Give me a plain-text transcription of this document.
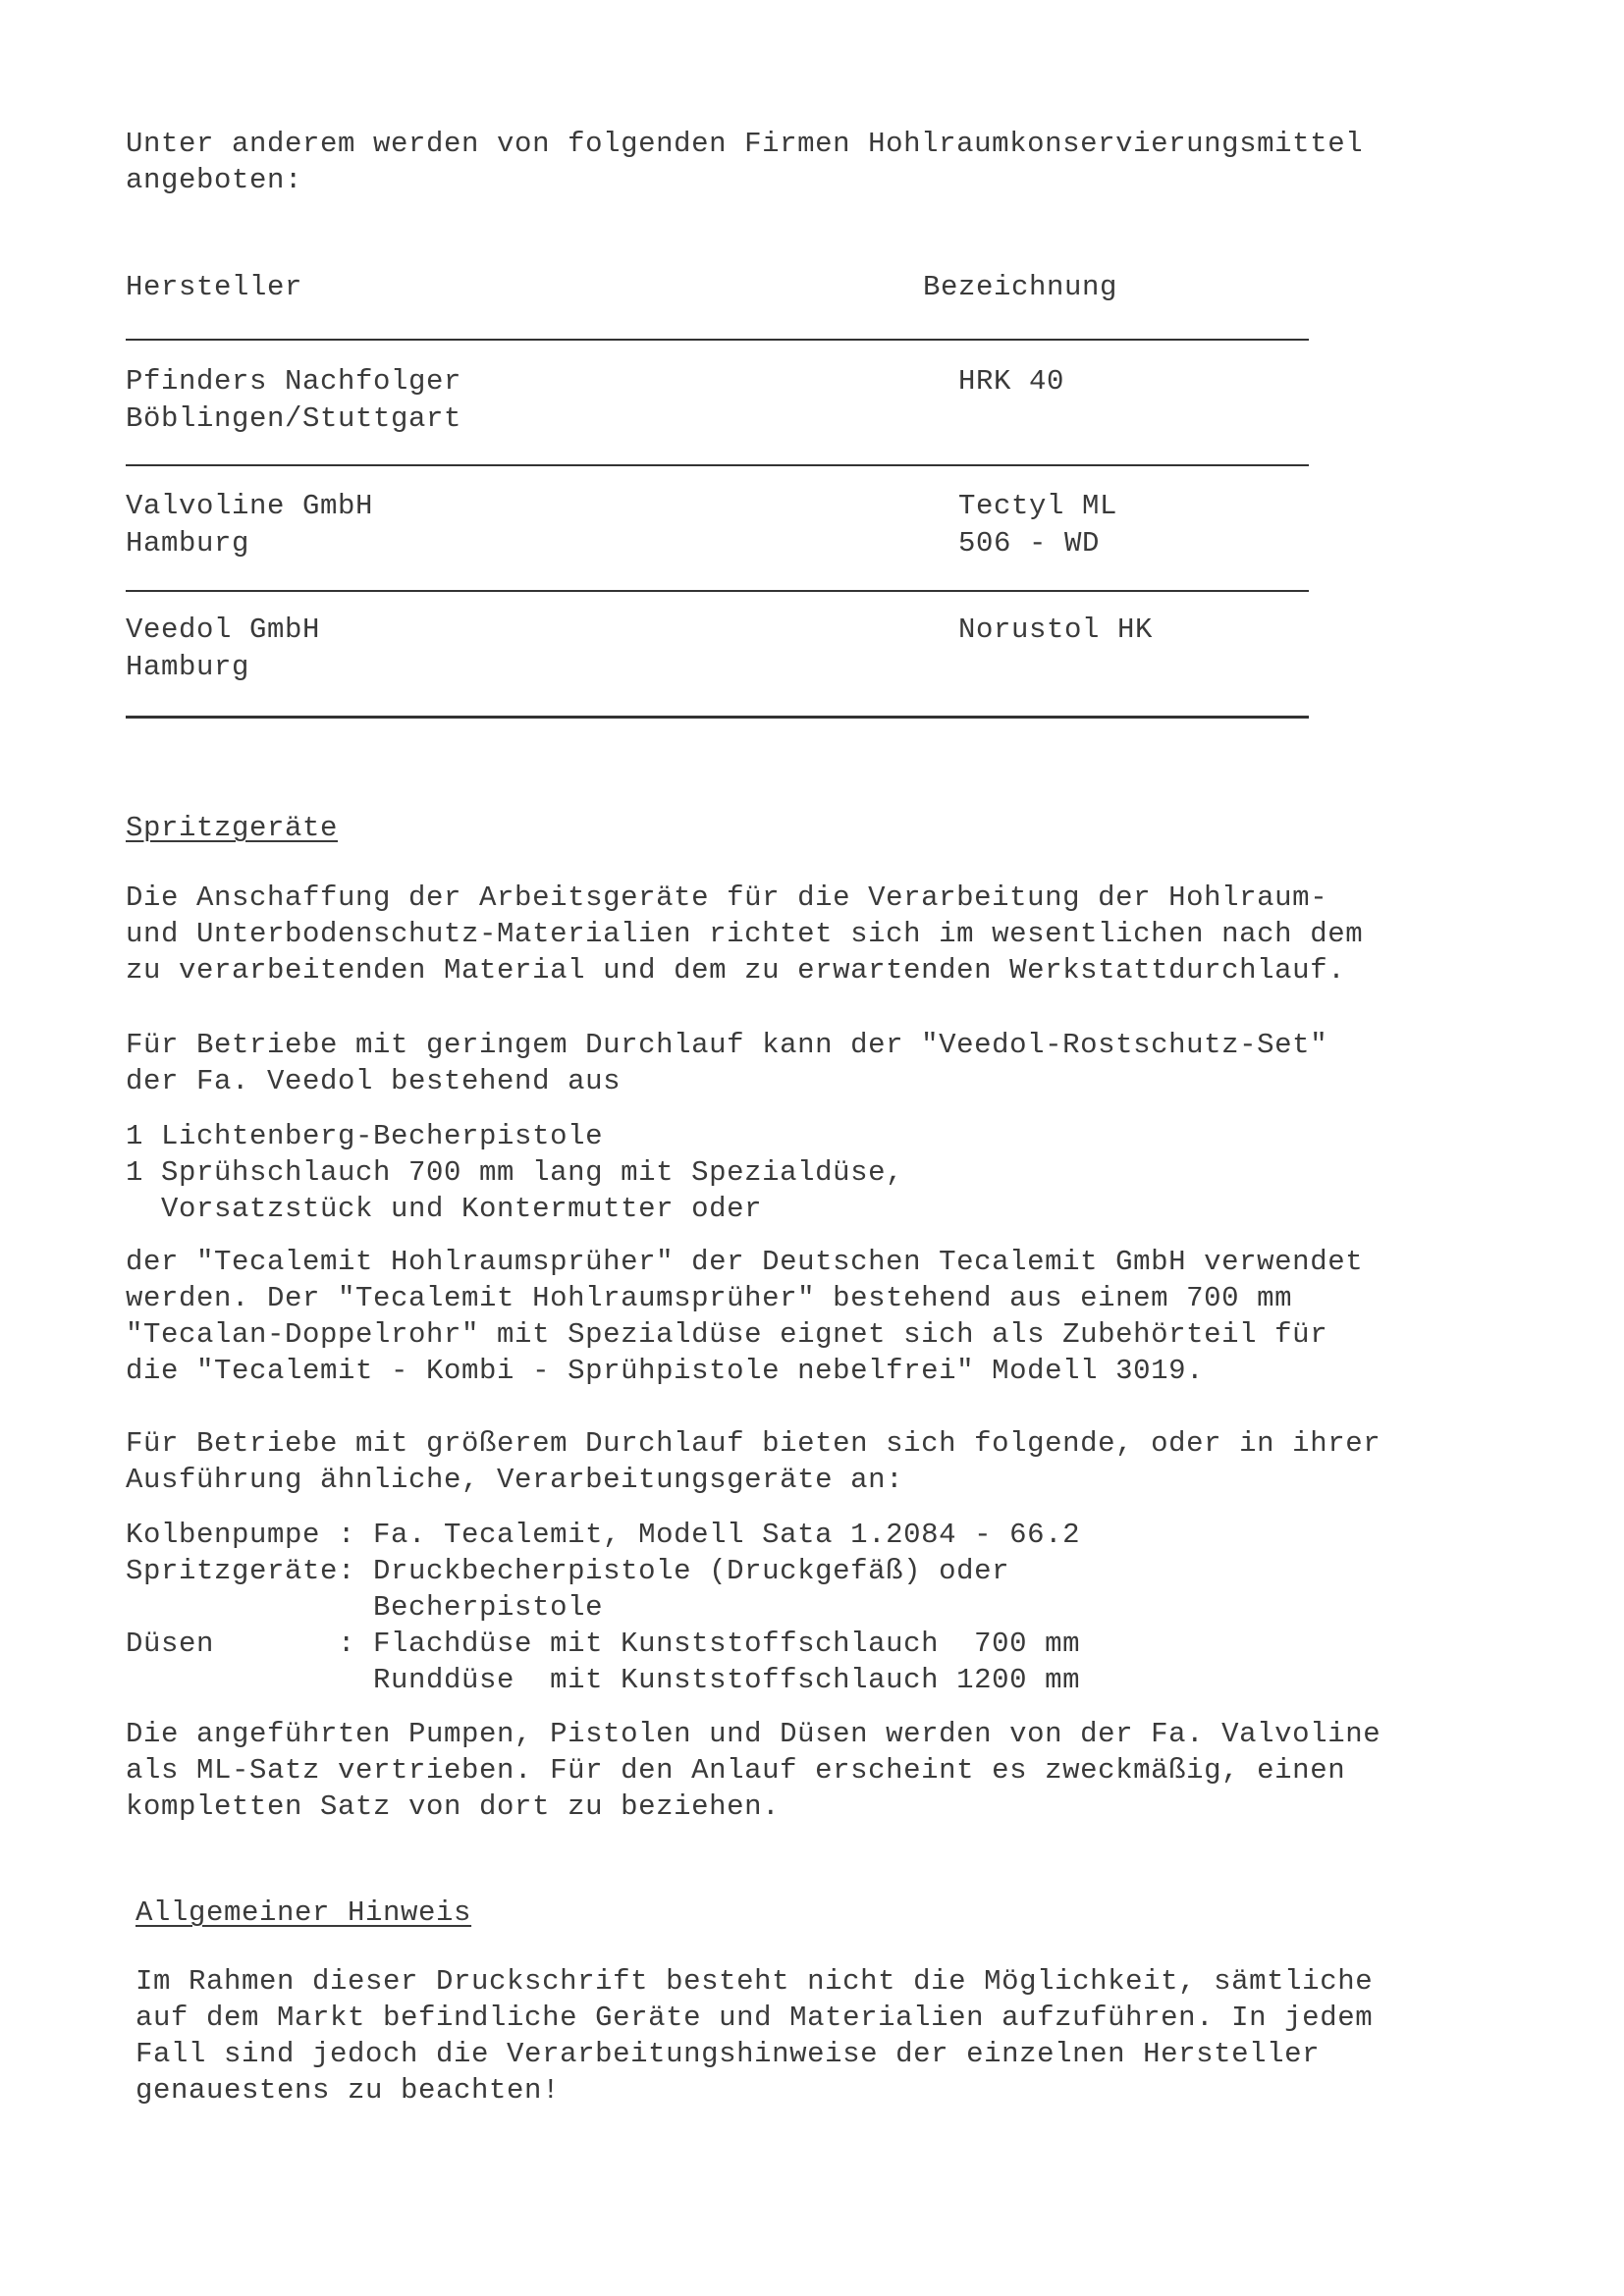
Unter anderem werden von folgenden Firmen Hohlraumkonservierungsmittel
angeboten:
Hersteller	Bezeichnung
Pfinders Nachfolger
Böblingen/Stuttgart
HRK 40
Valvoline GmbH
Hamburg
Tectyl ML
506 - WD
Veedol GmbH
Hamburg
Norustol HK
Spritzgeräte
Die Anschaffung der Arbeitsgeräte für die Verarbeitung der Hohlraum-
und Unterbodenschutz-Materialien richtet sich im wesentlichen nach dem
zu verarbeitenden Material und dem zu erwartenden Werkstattdurchlauf.
Für Betriebe mit geringem Durchlauf kann der "Veedol-Rostschutz-Set"
der Fa. Veedol bestehend aus
1 Lichtenberg-Becherpistole
1 Sprühschlauch 700 mm lang mit Spezialdüse,
Vorsatzstück und Kontermutter oder
der "Tecalemit Hohlraumsprüher" der Deutschen Tecalemit GmbH verwendet
werden. Der "Tecalemit Hohlraumsprüher" bestehend aus einem 700 mm
"Tecalan-Doppelrohr" mit Spezialdüse eignet sich als Zubehörteil für
die "Tecalemit - Kombi - Sprühpistole nebelfrei" Modell 3019.
Für Betriebe mit größerem Durchlauf bieten sich folgende, oder in ihrer
Ausführung ähnliche, Verarbeitungsgeräte an:
Kolbenpumpe : Fa. Tecalemit, Modell Sata 1.2084 - 66.2
Spritzgeräte: Druckbecherpistole (Druckgefäß) oder
Becherpistole
Düsen       : Flachdüse mit Kunststoffschlauch  700 mm
Runddüse  mit Kunststoffschlauch 1200 mm
Die angeführten Pumpen, Pistolen und Düsen werden von der Fa. Valvoline
als ML-Satz vertrieben. Für den Anlauf erscheint es zweckmäßig, einen
kompletten Satz von dort zu beziehen.
Allgemeiner Hinweis
Im Rahmen dieser Druckschrift besteht nicht die Möglichkeit, sämtliche
auf dem Markt befindliche Geräte und Materialien aufzuführen. In jedem
Fall sind jedoch die Verarbeitungshinweise der einzelnen Hersteller
genauestens zu beachten!
